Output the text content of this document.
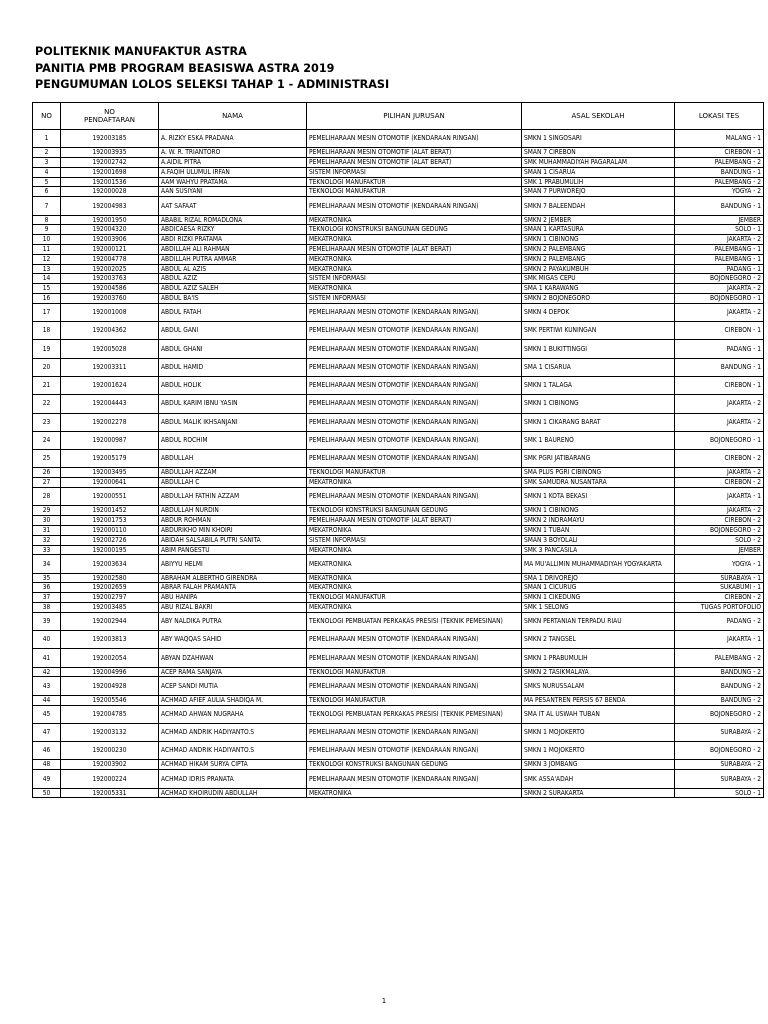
POLITEKNIK MANUFAKTUR ASTRA
PANITIA PMB PROGRAM BEASISWA ASTRA 2019
PENGUMUMAN LOLOS SELEKSI TAHAP 1 - ADMINISTRASI
NO	NO PENDAFTARAN	NAMA	PILIHAN JURUSAN	ASAL SEKOLAH	LOKASI TES
1	192003185	A. RIZKY ESKA PRADANA	PEMELIHARAAN MESIN OTOMOTIF (KENDARAAN RINGAN)	SMKN 1 SINGOSARI	MALANG - 1
2	192003935	A. W. R. TRIANTORO	PEMELIHARAAN MESIN OTOMOTIF (ALAT BERAT)	SMAN 7 CIREBON	CIREBON - 1
3	192002742	A.AIDIL PITRA	PEMELIHARAAN MESIN OTOMOTIF (ALAT BERAT)	SMK MUHAMMADIYAH PAGARALAM	PALEMBANG - 2
4	192001698	A.FAQIH ULUMUL IRFAN	SISTEM INFORMASI	SMAN 1 CISARUA	BANDUNG - 1
5	192001536	AAM WAHYU PRATAMA	TEKNOLOGI MANUFAKTUR	SMK 1 PRABUMULIH	PALEMBANG - 2
6	192000028	AAN SUSIYANI	TEKNOLOGI MANUFAKTUR	SMAN 7 PURWOREJO	YOGYA - 2
7	192004983	AAT SAFAAT	PEMELIHARAAN MESIN OTOMOTIF (KENDARAAN RINGAN)	SMKN 7 BALEENDAH	BANDUNG - 1
8	192001950	ABABIL RIZAL ROMADLONA	MEKATRONIKA	SMKN 2 JEMBER	JEMBER
9	192004320	ABDICAESA RIZKY	TEKNOLOGI KONSTRUKSI BANGUNAN GEDUNG	SMAN 1 KARTASURA	SOLO - 1
10	192003906	ABDI RIZKI PRATAMA	MEKATRONIKA	SMKN 1 CIBINONG	JAKARTA - 2
11	192000121	ABDILLAH ALI RAHMAN	PEMELIHARAAN MESIN OTOMOTIF (ALAT BERAT)	SMKN 2 PALEMBANG	PALEMBANG - 1
12	192004778	ABDILLAH PUTRA AMMAR	MEKATRONIKA	SMKN 2 PALEMBANG	PALEMBANG - 1
13	192002025	ABDUL AL AZIS	MEKATRONIKA	SMKN 2 PAYAKUMBUH	PADANG - 1
14	192003763	ABDUL AZIZ	SISTEM INFORMASI	SMK MIGAS CEPU	BOJONEGORO - 2
15	192004586	ABDUL AZIZ SALEH	MEKATRONIKA	SMA 1 KARAWANG	JAKARTA - 2
16	192003760	ABDUL BA'IS	SISTEM INFORMASI	SMKN 2 BOJONEGORO	BOJONEGORO - 1
17	192001008	ABDUL FATAH	PEMELIHARAAN MESIN OTOMOTIF (KENDARAAN RINGAN)	SMKN 4 DEPOK	JAKARTA - 2
18	192004362	ABDUL GANI	PEMELIHARAAN MESIN OTOMOTIF (KENDARAAN RINGAN)	SMK PERTIWI KUNINGAN	CIREBON - 1
19	192005028	ABDUL GHANI	PEMELIHARAAN MESIN OTOMOTIF (KENDARAAN RINGAN)	SMKN 1 BUKITTINGGI	PADANG - 1
20	192003311	ABDUL HAMID	PEMELIHARAAN MESIN OTOMOTIF (KENDARAAN RINGAN)	SMA 1 CISARUA	BANDUNG - 1
21	192001624	ABDUL HOLIK	PEMELIHARAAN MESIN OTOMOTIF (KENDARAAN RINGAN)	SMKN 1 TALAGA	CIREBON - 1
22	192004443	ABDUL KARIM IBNU YASIN	PEMELIHARAAN MESIN OTOMOTIF (KENDARAAN RINGAN)	SMKN 1 CIBINONG	JAKARTA - 2
23	192002278	ABDUL MALIK IKHSANJANI	PEMELIHARAAN MESIN OTOMOTIF (KENDARAAN RINGAN)	SMKN 1 CIKARANG BARAT	JAKARTA - 2
24	192000987	ABDUL ROCHIM	PEMELIHARAAN MESIN OTOMOTIF (KENDARAAN RINGAN)	SMK 1 BAURENO	BOJONEGORO - 1
25	192005179	ABDULLAH	PEMELIHARAAN MESIN OTOMOTIF (KENDARAAN RINGAN)	SMK PGRI JATIBARANG	CIREBON - 2
26	192003495	ABDULLAH AZZAM	TEKNOLOGI MANUFAKTUR	SMA PLUS PGRI CIBINONG	JAKARTA - 2
27	192000641	ABDULLAH C	MEKATRONIKA	SMK SAMUDRA NUSANTARA	CIREBON - 2
28	192000551	ABDULLAH FATHIN AZZAM	PEMELIHARAAN MESIN OTOMOTIF (KENDARAAN RINGAN)	SMKN 1 KOTA BEKASI	JAKARTA - 1
29	192001452	ABDULLAH NURDIN	TEKNOLOGI KONSTRUKSI BANGUNAN GEDUNG	SMKN 1 CIBINONG	JAKARTA - 2
30	192001753	ABDUR ROHMAN	PEMELIHARAAN MESIN OTOMOTIF (ALAT BERAT)	SMKN 2 INDRAMAYU	CIREBON - 2
31	192000110	ABDURIKHO MIN KHOIRI	MEKATRONIKA	SMKN 1 TUBAN	BOJONEGORO - 2
32	192002726	ABIDAH SALSABILA PUTRI SANITA	SISTEM INFORMASI	SMAN 3 BOYOLALI	SOLO - 2
33	192000195	ABIM PANGESTU	MEKATRONIKA	SMK 3 PANCASILA	JEMBER
34	192003634	ABIYYU HELMI	MEKATRONIKA	MA MU'ALLIMIN MUHAMMADIYAH YOGYAKARTA	YOGYA - 1
35	192002580	ABRAHAM ALBERTHO GIRENDRA	MEKATRONIKA	SMA 1 DRIVOREJO	SURABAYA - 1
36	192002659	ABRAR FALAH PRAMANTA	MEKATRONIKA	SMAN 1 CICURUG	SUKABUMI - 1
37	192002797	ABU HANIPA	TEKNOLOGI MANUFAKTUR	SMKN 1 CIKEDUNG	CIREBON - 2
38	192003485	ABU RIZAL BAKRI	MEKATRONIKA	SMK 1 SELONG	TUGAS PORTOFOLIO
39	192002944	ABY NALDIKA PUTRA	TEKNOLOGI PEMBUATAN PERKAKAS PRESISI (TEKNIK PEMESINAN)	SMKN PERTANIAN TERPADU RIAU	PADANG - 2
40	192003813	ABY WAQQAS SAHID	PEMELIHARAAN MESIN OTOMOTIF (KENDARAAN RINGAN)	SMKN 2 TANGSEL	JAKARTA - 1
41	192002054	ABYAN DZAHWAN	PEMELIHARAAN MESIN OTOMOTIF (KENDARAAN RINGAN)	SMKN 1 PRABUMULIH	PALEMBANG - 2
42	192004996	ACEP RAMA SANJAYA	TEKNOLOGI MANUFAKTUR	SMKN 2 TASIKMALAYA	BANDUNG - 2
43	192004928	ACEP SANDI MUTIA	PEMELIHARAAN MESIN OTOMOTIF (KENDARAAN RINGAN)	SMKS NURUSSALAM	BANDUNG - 2
44	192005546	ACHMAD AFIEF AULIA SHADIQA M.	TEKNOLOGI MANUFAKTUR	MA PESANTREN PERSIS 67 BENDA	BANDUNG - 2
45	192004785	ACHMAD AHWAN NUGRAHA	TEKNOLOGI PEMBUATAN PERKAKAS PRESISI (TEKNIK PEMESINAN)	SMA IT AL USWAH TUBAN	BOJONEGORO - 2
47	192003132	ACHMAD ANDRIK HADIYANTO.S	PEMELIHARAAN MESIN OTOMOTIF (KENDARAAN RINGAN)	SMKN 1 MOJOKERTO	SURABAYA - 2
46	192000230	ACHMAD ANDRIK HADIYANTO.S	PEMELIHARAAN MESIN OTOMOTIF (KENDARAAN RINGAN)	SMKN 1 MOJOKERTO	BOJONEGORO - 2
48	192003902	ACHMAD HIKAM SURYA CIPTA	TEKNOLOGI KONSTRUKSI BANGUNAN GEDUNG	SMKN 3 JOMBANG	SURABAYA - 2
49	192000224	ACHMAD IDRIS PRANATA	PEMELIHARAAN MESIN OTOMOTIF (KENDARAAN RINGAN)	SMK ASSA'ADAH	SURABAYA - 2
50	192005331	ACHMAD KHOIRUDIN ABDULLAH	MEKATRONIKA	SMKN 2 SURAKARTA	SOLO - 1
1
